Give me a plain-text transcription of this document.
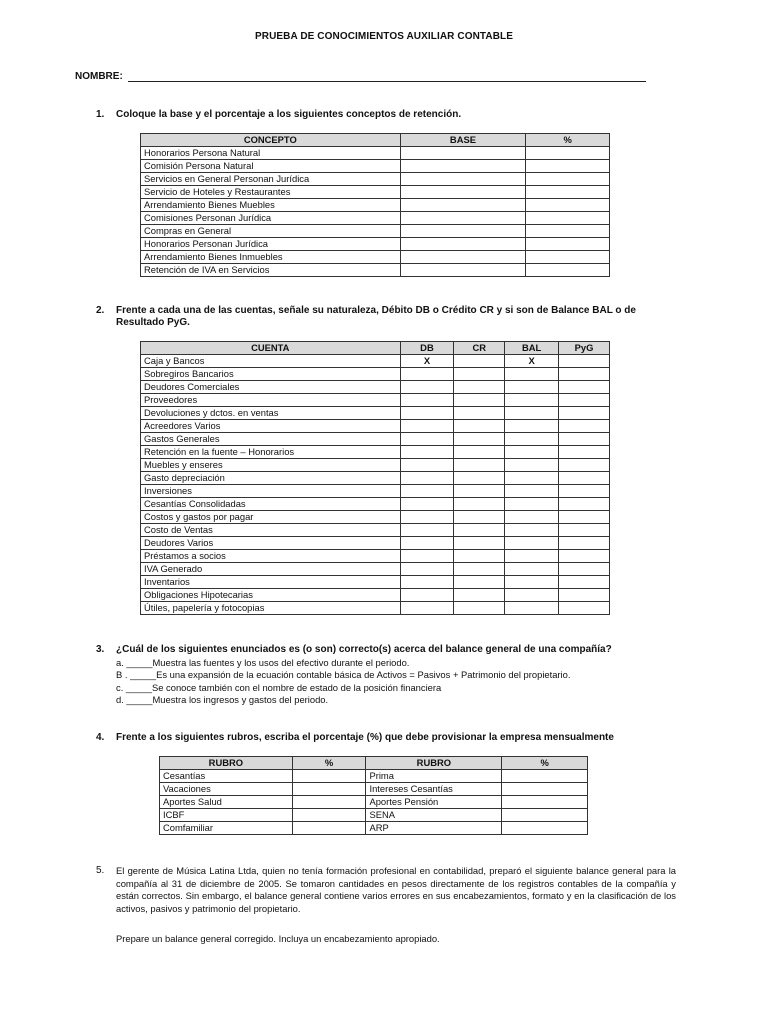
PRUEBA DE CONOCIMIENTOS AUXILIAR CONTABLE
NOMBRE:
1. Coloque la base y el porcentaje a los siguientes conceptos de retención.
CONCEPTO	BASE	%
Honorarios Persona Natural		
Comisión Persona Natural		
Servicios en General Personan Jurídica		
Servicio de Hoteles y Restaurantes		
Arrendamiento Bienes Muebles		
Comisiones Personan Jurídica		
Compras en General		
Honorarios Personan Jurídica		
Arrendamiento Bienes Inmuebles		
Retención de IVA en Servicios		
2. Frente a cada una de las cuentas, señale su naturaleza, Débito DB o Crédito CR y si son de Balance BAL o de
Resultado PyG.
CUENTA	DB	CR	BAL	PyG
Caja y Bancos	X		X	
Sobregiros Bancarios				
Deudores Comerciales				
Proveedores				
Devoluciones y dctos. en ventas				
Acreedores Varios				
Gastos Generales				
Retención en la fuente – Honorarios				
Muebles y enseres				
Gasto depreciación				
Inversiones				
Cesantías Consolidadas				
Costos y gastos por pagar				
Costo de Ventas				
Deudores Varios				
Préstamos a socios				
IVA Generado				
Inventarios				
Obligaciones Hipotecarias				
Útiles, papelería y fotocopias				
3. ¿Cuál de los siguientes enunciados es (o son) correcto(s) acerca del balance general de una compañía?
a. _____Muestra las fuentes y los usos del efectivo durante el periodo.
B . _____Es una expansión de la ecuación contable básica de Activos = Pasivos + Patrimonio del propietario.
c. _____Se conoce también con el nombre de estado de la posición financiera
d. _____Muestra los ingresos y gastos del periodo.
4. Frente a los siguientes rubros, escriba el porcentaje (%) que debe provisionar la empresa mensualmente
RUBRO	%	RUBRO	%
Cesantías		Prima	
Vacaciones		Intereses Cesantías	
Aportes Salud		Aportes Pensión	
ICBF		SENA	
Comfamiliar		ARP	
5. El gerente de Música Latina Ltda, quien no tenía formación profesional en contabilidad, preparó el siguiente balance general para la compañía al 31 de diciembre de 2005. Se tomaron cantidades en pesos directamente de los registros contables de la compañía y están correctos. Sin embargo, el balance general contiene varios errores en sus encabezamientos, formato y en la clasificación de los activos, pasivos y patrimonio del propietario.
Prepare un balance general corregido. Incluya un encabezamiento apropiado.
